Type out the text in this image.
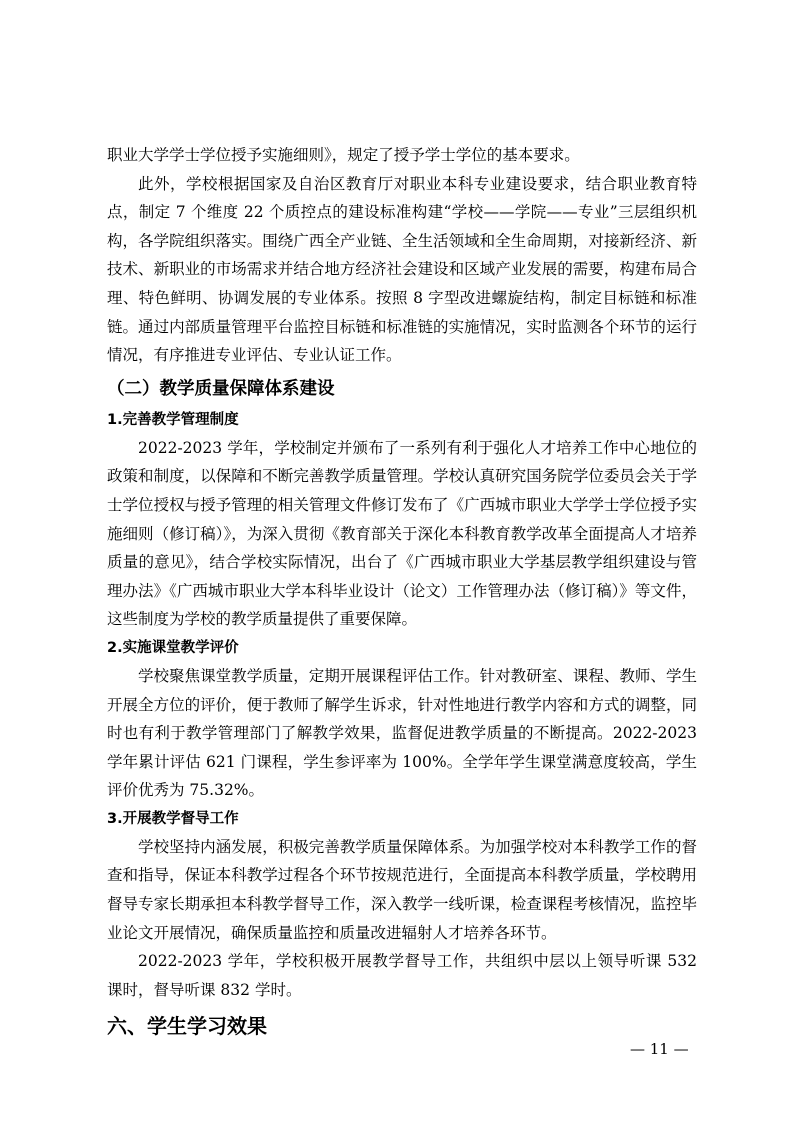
职业大学学士学位授予实施细则》，规定了授予学士学位的基本要求。

此外，学校根据国家及自治区教育厅对职业本科专业建设要求，结合职业教育特点，制定 7 个维度 22 个质控点的建设标准构建“学校——学院——专业”三层组织机构，各学院组织落实。围绕广西全产业链、全生活领域和全生命周期，对接新经济、新技术、新职业的市场需求并结合地方经济社会建设和区域产业发展的需要，构建布局合理、特色鲜明、协调发展的专业体系。按照 8 字型改进螺旋结构，制定目标链和标准链。通过内部质量管理平台监控目标链和标准链的实施情况，实时监测各个环节的运行情况，有序推进专业评估、专业认证工作。

（二）教学质量保障体系建设
1.完善教学管理制度

2022-2023 学年，学校制定并颁布了一系列有利于强化人才培养工作中心地位的政策和制度，以保障和不断完善教学质量管理。学校认真研究国务院学位委员会关于学士学位授权与授予管理的相关管理文件修订发布了《广西城市职业大学学士学位授予实施细则（修订稿）》，为深入贯彻《教育部关于深化本科教育教学改革全面提高人才培养质量的意见》，结合学校实际情况，出台了《广西城市职业大学基层教学组织建设与管理办法》《广西城市职业大学本科毕业设计（论文）工作管理办法（修订稿）》等文件，这些制度为学校的教学质量提供了重要保障。

2.实施课堂教学评价

学校聚焦课堂教学质量，定期开展课程评估工作。针对教研室、课程、教师、学生开展全方位的评价，便于教师了解学生诉求，针对性地进行教学内容和方式的调整，同时也有利于教学管理部门了解教学效果，监督促进教学质量的不断提高。2022-2023 学年累计评估 621 门课程，学生参评率为 100%。全学年学生课堂满意度较高，学生评价优秀为 75.32%。

3.开展教学督导工作

学校坚持内涵发展，积极完善教学质量保障体系。为加强学校对本科教学工作的督查和指导，保证本科教学过程各个环节按规范进行，全面提高本科教学质量，学校聘用督导专家长期承担本科教学督导工作，深入教学一线听课，检查课程考核情况，监控毕业论文开展情况，确保质量监控和质量改进辐射人才培养各环节。

2022-2023 学年，学校积极开展教学督导工作，共组织中层以上领导听课 532 课时，督导听课 832 学时。

六、学生学习效果
— 11 —
